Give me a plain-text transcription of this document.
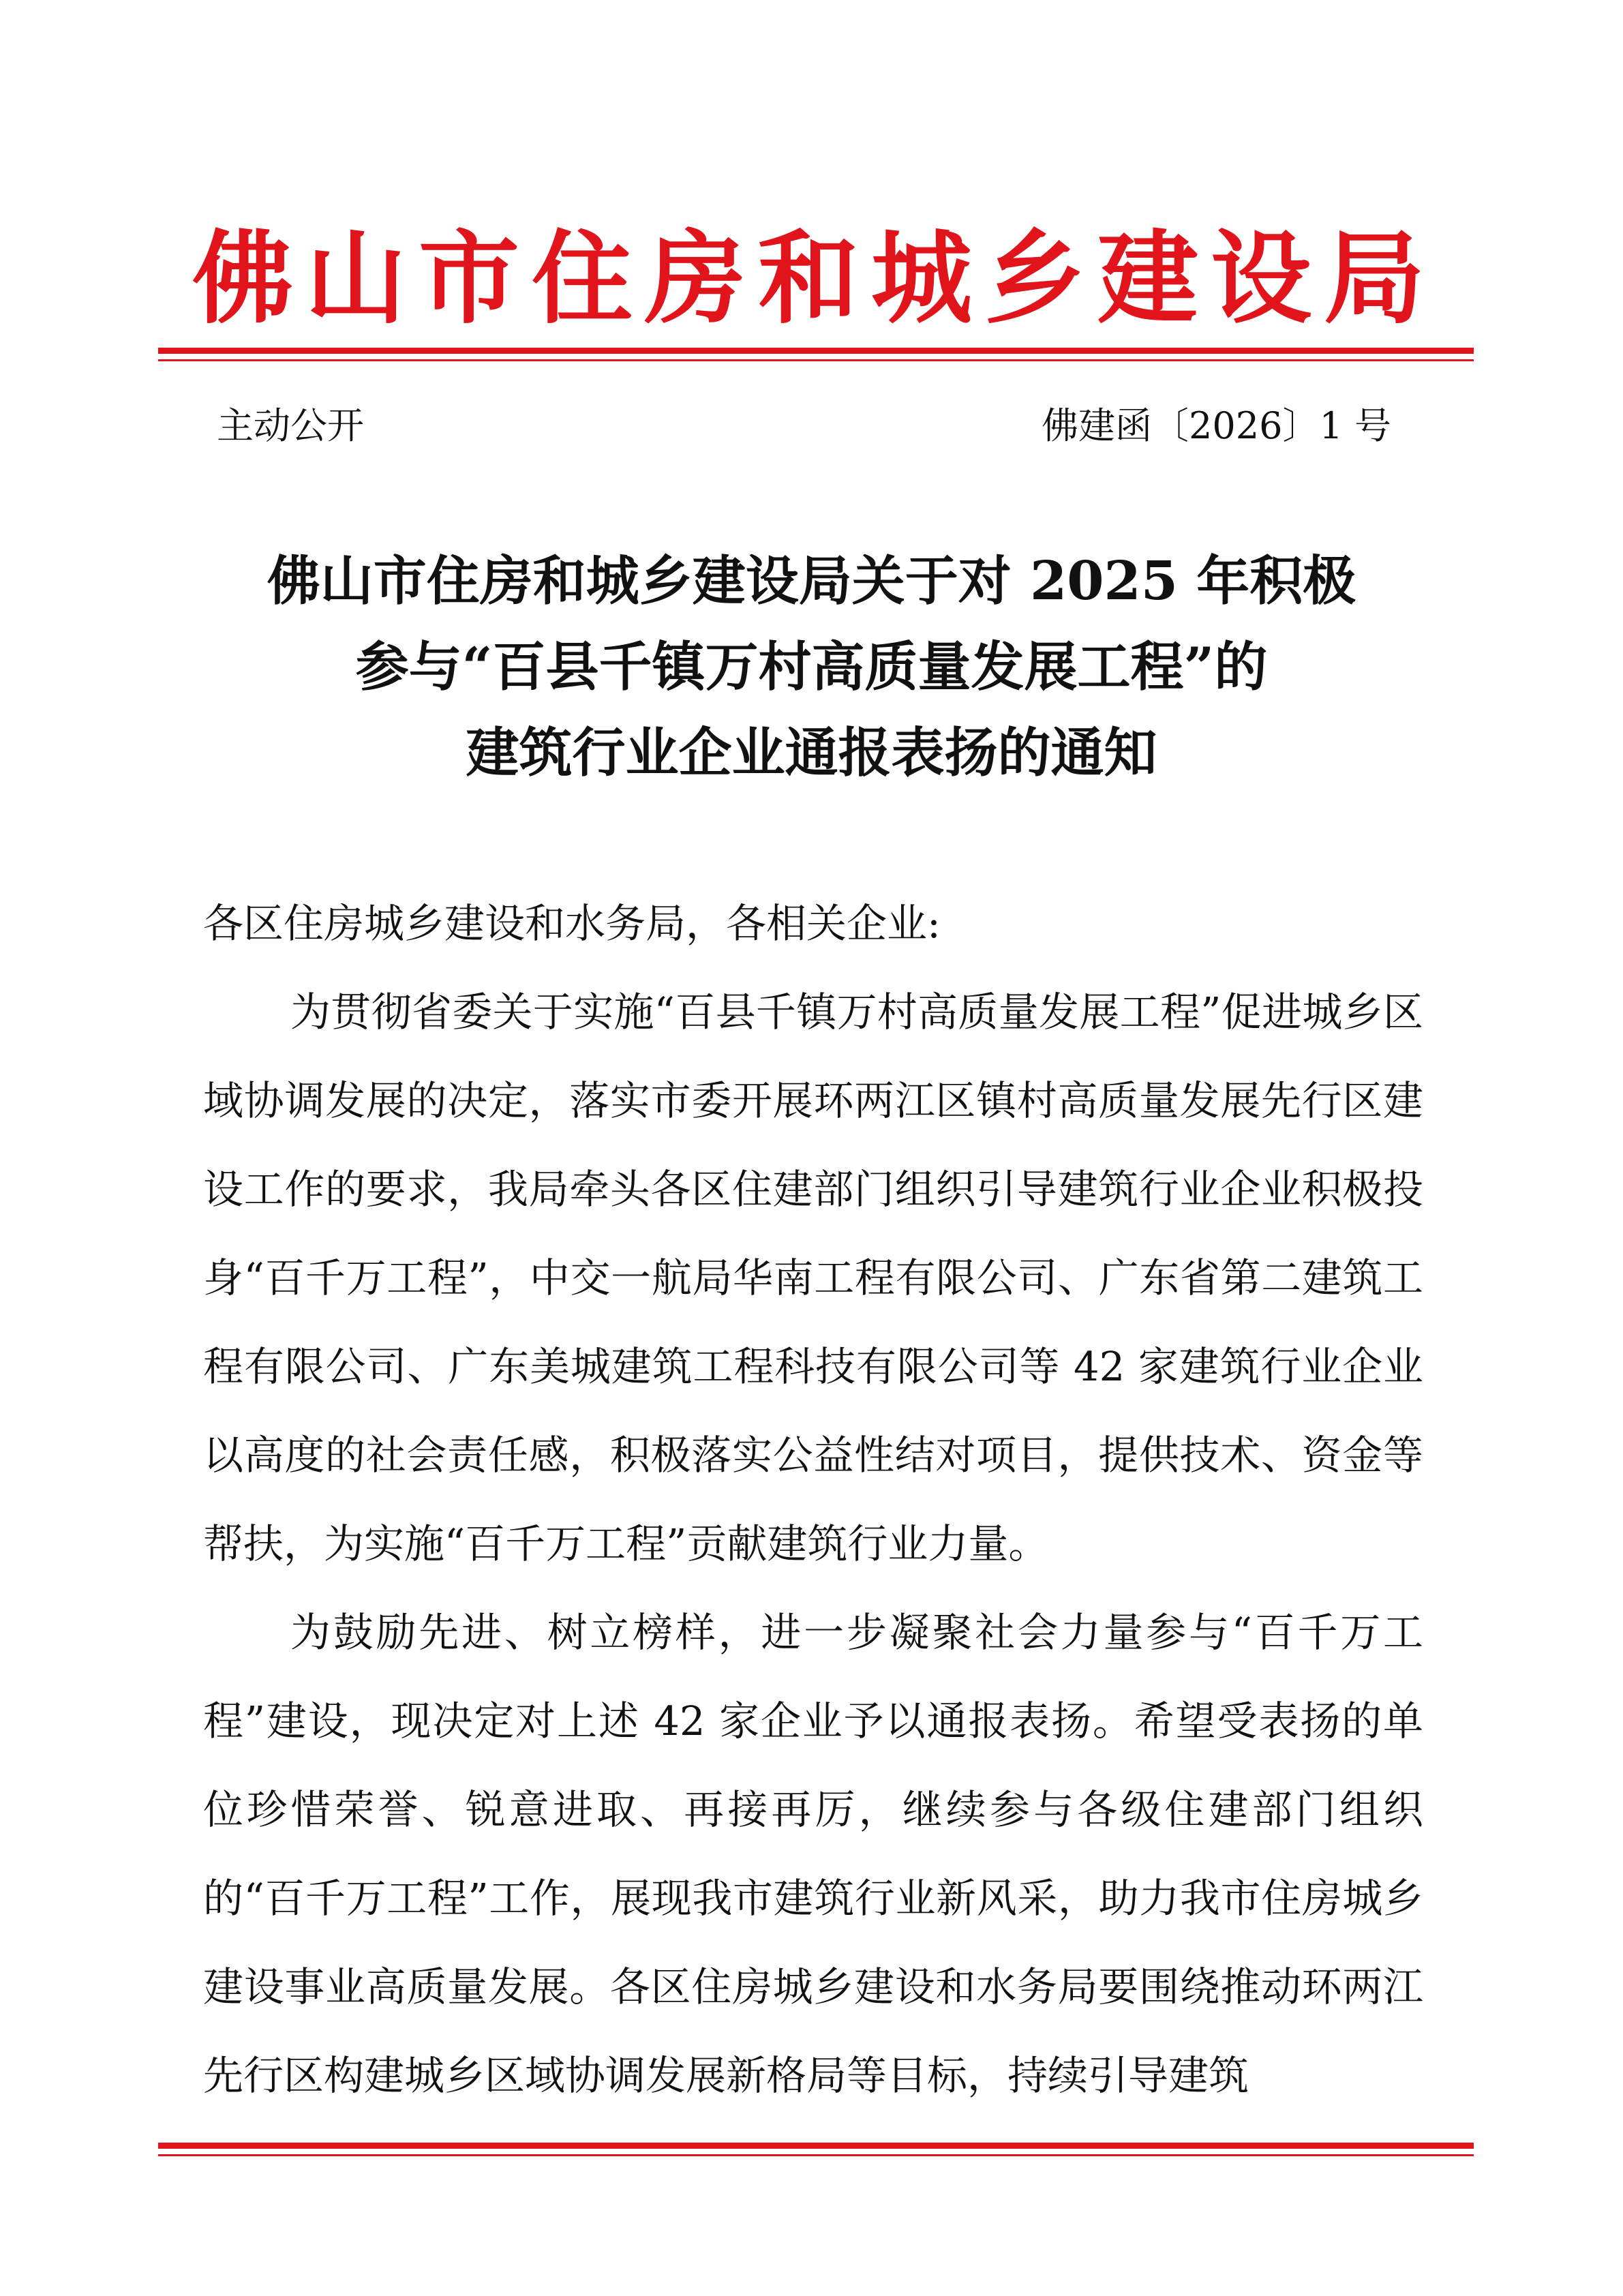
佛山市住房和城乡建设局
主动公开	佛建函〔2026〕1 号
佛山市住房和城乡建设局关于对 2025 年积极
参与“百县千镇万村高质量发展工程”的
建筑行业企业通报表扬的通知

各区住房城乡建设和水务局，各相关企业:

为贯彻省委关于实施“百县千镇万村高质量发展工程”促进城乡区域协调发展的决定，落实市委开展环两江区镇村高质量发展先行区建设工作的要求，我局牵头各区住建部门组织引导建筑行业企业积极投身“百千万工程”，中交一航局华南工程有限公司、广东省第二建筑工程有限公司、广东美城建筑工程科技有限公司等 42 家建筑行业企业以高度的社会责任感，积极落实公益性结对项目，提供技术、资金等帮扶，为实施“百千万工程”贡献建筑行业力量。

为鼓励先进、树立榜样，进一步凝聚社会力量参与“百千万工程”建设，现决定对上述 42 家企业予以通报表扬。希望受表扬的单位珍惜荣誉、锐意进取、再接再厉，继续参与各级住建部门组织的“百千万工程”工作，展现我市建筑行业新风采，助力我市住房城乡建设事业高质量发展。各区住房城乡建设和水务局要围绕推动环两江先行区构建城乡区域协调发展新格局等目标，持续引导建筑
